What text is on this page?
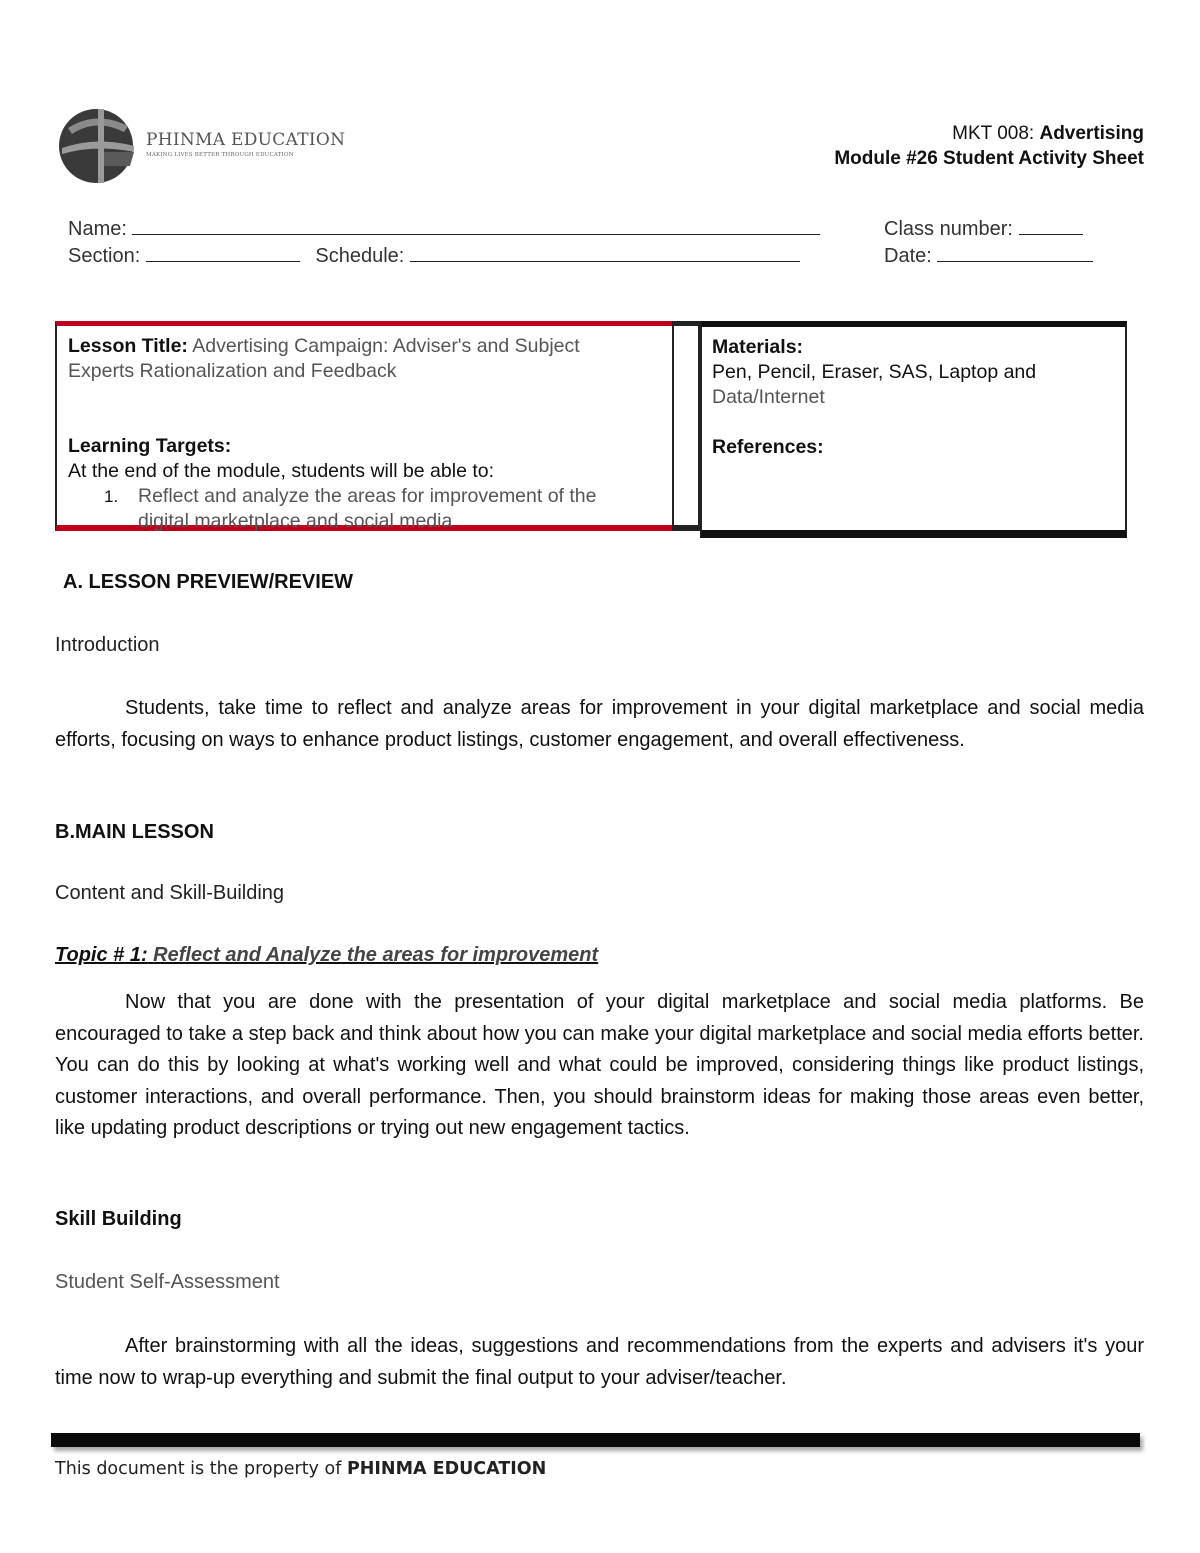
PHINMA EDUCATION
MAKING LIVES BETTER THROUGH EDUCATION
MKT 008: Advertising
Module #26 Student Activity Sheet
Name:	Class number:
Section:	Schedule:	Date:
Lesson Title: Advertising Campaign: Adviser's and Subject
Experts Rationalization and Feedback
Learning Targets:
At the end of the module, students will be able to:
1. Reflect and analyze the areas for improvement of the
digital marketplace and social media
Materials:
Pen, Pencil, Eraser, SAS, Laptop and
Data/Internet
References:
A. LESSON PREVIEW/REVIEW
Introduction
Students, take time to reflect and analyze areas for improvement in your digital marketplace and social media efforts, focusing on ways to enhance product listings, customer engagement, and overall effectiveness.
B.MAIN LESSON
Content and Skill-Building
Topic # 1: Reflect and Analyze the areas for improvement
Now that you are done with the presentation of your digital marketplace and social media platforms. Be encouraged to take a step back and think about how you can make your digital marketplace and social media efforts better. You can do this by looking at what's working well and what could be improved, considering things like product listings, customer interactions, and overall performance. Then, you should brainstorm ideas for making those areas even better, like updating product descriptions or trying out new engagement tactics.
Skill Building
Student Self-Assessment
After brainstorming with all the ideas, suggestions and recommendations from the experts and advisers it's your time now to wrap-up everything and submit the final output to your adviser/teacher.
This document is the property of PHINMA EDUCATION
